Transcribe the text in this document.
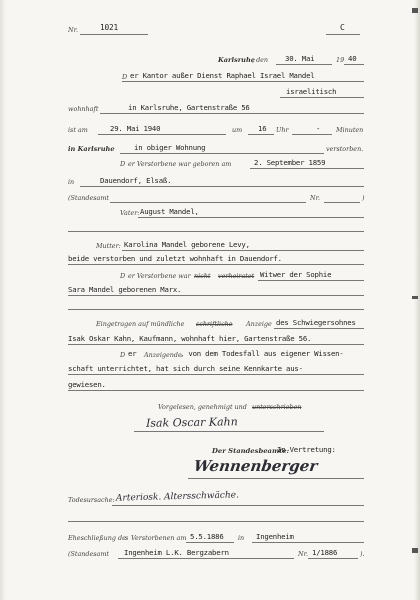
Nr.	1021	C
Karlsruhe
, den 30. Mai	19 40
D er Kantor außer Dienst Raphael Israel Mandel
israelitisch
wohnhaft	in Karlsruhe, Gartenstraße 56
ist am	29. Mai 1940	um 16 Uhr	- Minuten
in Karlsruhe	in obiger Wohnung	verstorben.
D er Verstorbene war geboren am	2. September 1859
in	Dauendorf, Elsaß.
(Standesamt	Nr.	)
Vater: August Mandel,
Mutter: Karolina Mandel geborene Levy,
beide verstorben und zuletzt wohnhaft in Dauendorf.
D er Verstorbene war nicht verheiratet Witwer der Sophie
Sara Mandel geborenen Marx.
Eingetragen auf mündliche schriftliche Anzeige des Schwiegersohnes
Isak Oskar Kahn, Kaufmann, wohnhaft hier, Gartenstraße 56.
D er Anzeigende
, von dem Todesfall aus eigener Wissen-
schaft unterrichtet, hat sich durch seine Kennkarte aus-
gewiesen.
Vorgelesen, genehmigt und unterschrieben
Isak Oscar Kahn
Der Standesbeamte:
In Vertretung:
Wennenberger
Todesursache: Arteriosk. Altersschwäche.
Eheschließung de s Verstorbenen am 5.5.1886 in Ingenheim
(Standesamt Ingenheim L.K. Bergzabern	Nr. 1/1886	).
